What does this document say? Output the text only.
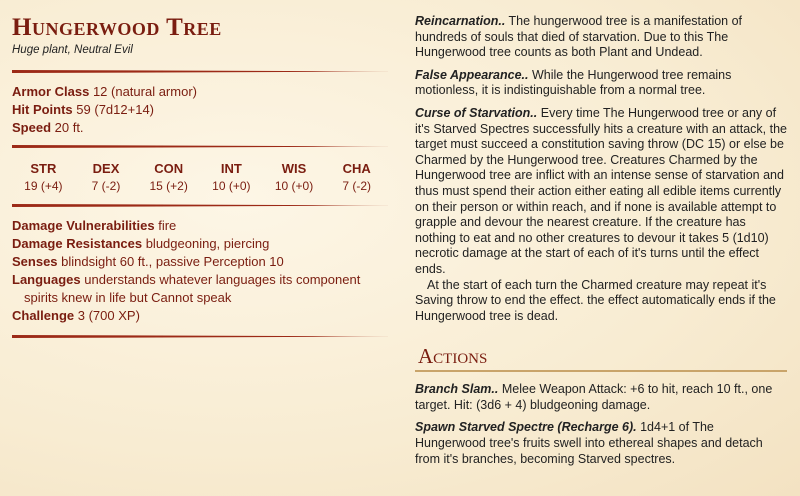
Hungerwood Tree
Huge plant, Neutral Evil
Armor Class 12 (natural armor)
Hit Points 59 (7d12+14)
Speed 20 ft.
STR
19 (+4)
DEX
7 (-2)
CON
15 (+2)
INT
10 (+0)
WIS
10 (+0)
CHA
7 (-2)
Damage Vulnerabilities fire
Damage Resistances bludgeoning, piercing
Senses blindsight 60 ft., passive Perception 10
Languages understands whatever languages its component
spirits knew in life but Cannot speak
Challenge 3 (700 XP)

Reincarnation.. The hungerwood tree is a manifestation of hundreds of souls that died of starvation. Due to this The Hungerwood tree counts as both Plant and Undead.

False Appearance.. While the Hungerwood tree remains motionless, it is indistinguishable from a normal tree.

Curse of Starvation.. Every time The Hungerwood tree or any of it's Starved Spectres successfully hits a creature with an attack, the target must succeed a constitution saving throw (DC 15) or else be Charmed by the Hungerwood tree. Creatures Charmed by the Hungerwood tree are inflict with an intense sense of starvation and thus must spend their action either eating all edible items currently on their person or within reach, and if none is available attempt to grapple and devour the nearest creature. If the creature has nothing to eat and no other creatures to devour it takes 5 (1d10) necrotic damage at the start of each of it's turns until the effect ends.

At the start of each turn the Charmed creature may repeat it's Saving throw to end the effect. the effect automatically ends if the Hungerwood tree is dead.

Actions

Branch Slam.. Melee Weapon Attack: +6 to hit, reach 10 ft., one target. Hit: (3d6 + 4) bludgeoning damage.

Spawn Starved Spectre (Recharge 6). 1d4+1 of The Hungerwood tree's fruits swell into ethereal shapes and detach from it's branches, becoming Starved spectres.
